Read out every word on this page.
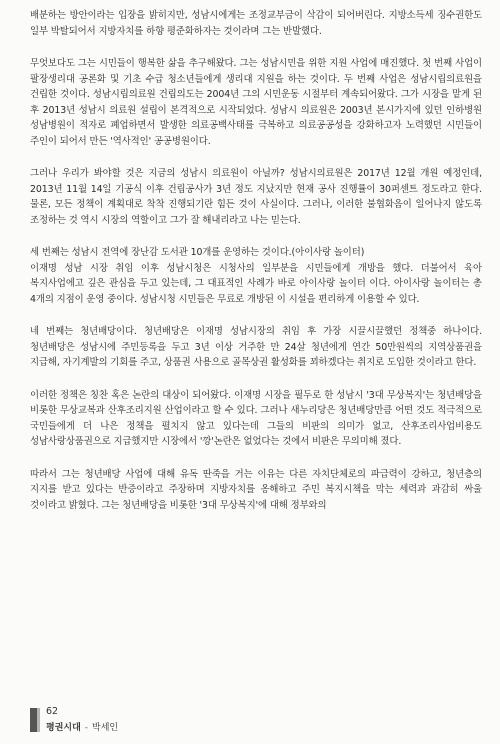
배분하는 방안이라는 입장을 밝히지만, 성남시에게는 조정교부금이 삭감이 되어버린다. 지방소득세 징수권한도 일부 박탈되어서 지방자치를 하향 평준화하자는 것이라며 그는 반발했다.
무엇보다도 그는 시민들이 행복한 삶을 추구해왔다. 그는 성남시민을 위한 지원 사업에 매진했다. 첫 번째 사업이 팔장생리대 공론화 및 기초 수급 청소년들에게 생리대 지원을 하는 것이다. 두 번째 사업은 성남시립의료원을 건립한 것이다. 성남시립의료원 건립의도는 2004년 그의 시민운동 시절부터 계속되어왔다. 그가 시장을 맡게 된 후 2013년 성남시 의료원 설립이 본격적으로 시작되었다. 성남시 의료원은 2003년 본시가지에 있던 인하병원 성남병원이 적자로 폐업하면서 발생한 의료공백사태를 극복하고 의료공공성을 강화하고자 노력했던 시민들이 주인이 되어서 만든 '역사적인' 공공병원이다.
그러나 우리가 봐야할 것은 지금의 성남시 의료원이 아닐까? 성남시의료원은 2017년 12월 개원 예정인데, 2013년 11월 14일 기공식 이후 건립공사가 3년 정도 지났지만 현재 공사 진행률이 30퍼센트 정도라고 한다. 물론, 모든 정책이 계획대로 착착 진행되기란 힘든 것이 사실이다. 그러나, 이러한 불협화음이 일어나지 않도록 조정하는 것 역시 시장의 역할이고 그가 잘 해내리라고 나는 믿는다.

세 번째는 성남시 전역에 장난감 도서관 10개를 운영하는 것이다.(아이사랑 놀이터)

이재명 성남 시장 취임 이후 성남시청은 시청사의 일부분을 시민들에게 개방을 했다. 더불어서 육아 복지사업에고 깊은 관심을 두고 있는데, 그 대표적인 사례가 바로 아이사랑 놀이터 이다. 아이사랑 놀이터는 총 4개의 지점이 운영 중이다. 성남시청 시민들은 무료로 개방된 이 시설을 편리하게 이용할 수 있다.

네 번째는 청년배당이다. 청년배당은 이재명 성남시장의 취임 후 가장 시끌시끌했던 정책중 하나이다. 청년배당은 성남시에 주민등록을 두고 3년 이상 거주한 만 24살 청년에게 연간 50만원씩의 지역상품권을 지급해, 자기계발의 기회를 주고, 상품권 사용으로 골목상권 활성화를 꾀하겠다는 취지로 도입한 것이라고 한다.
이러한 정책은 칭찬 혹은 논란의 대상이 되어왔다. 이재명 시장을 필두로 한 성남시 '3대 무상복지'는 청년배당을 비롯한 무상교복과 산후조리지원 산업이라고 할 수 있다. 그러나 새누리당은 청년배당만큼 어떤 것도 적극적으로 국민들에게 더 나은 정책을 펼치지 않고 있다는데 그들의 비판의 의미가 없고, 산후조리사업비용도 성남사랑상품권으로 지급했지만 시장에서 '깡'논란은 없었다는 것에서 비판은 무의미해 졌다.
따라서 그는 청년배당 사업에 대해 유독 딴죽을 거는 이유는 다른 자치단체로의 파급력이 강하고, 청년층의 지지를 받고 있다는 반증이라고 주장하며 지방자치를 옹해하고 주민 복지시책을 막는 세력과 과감히 싸울 것이라고 밝혔다. 그는 청년배당을 비롯한 '3대 무상복지'에 대해 정부와의
62
평권시대 - 박세인
